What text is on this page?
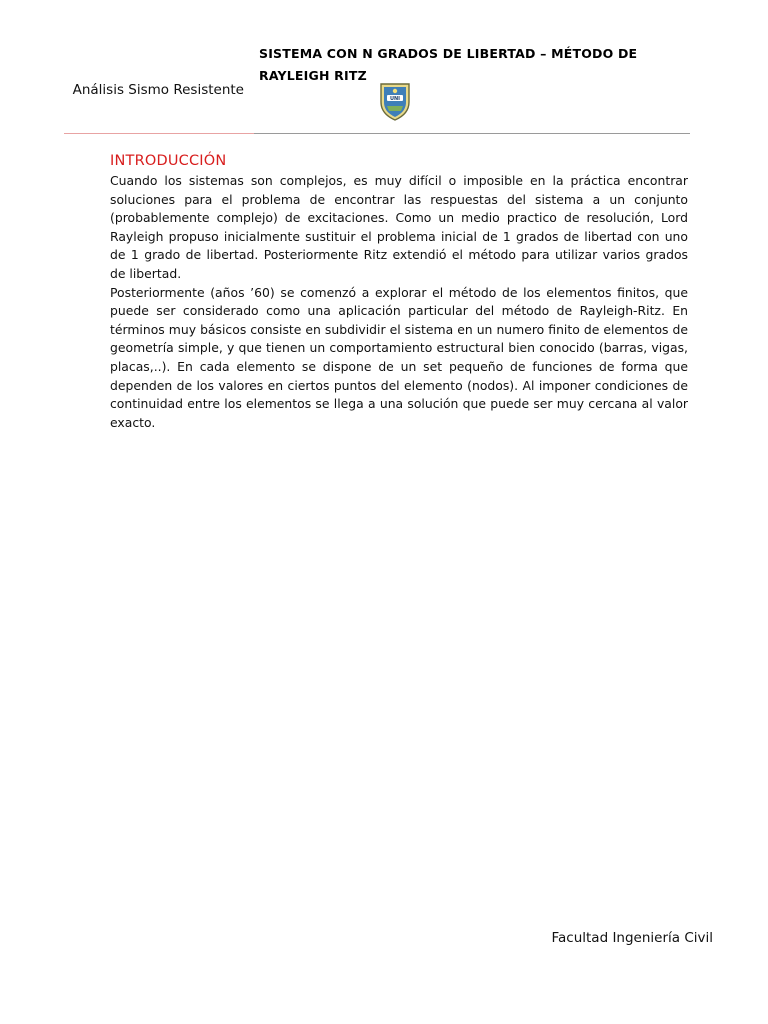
SISTEMA CON N GRADOS DE LIBERTAD – MÉTODO DE RAYLEIGH RITZ
Análisis Sismo Resistente
UNI
INTRODUCCIÓN

Cuando los sistemas son complejos, es muy difícil o imposible en la práctica encontrar soluciones para el problema de encontrar las respuestas del sistema a un conjunto (probablemente complejo) de excitaciones. Como un medio practico de resolución, Lord Rayleigh propuso inicialmente sustituir el problema inicial de 1 grados de libertad con uno de 1 grado de libertad. Posteriormente Ritz extendió el método para utilizar varios grados de libertad.

Posteriormente (años ’60) se comenzó a explorar el método de los elementos finitos, que puede ser considerado como una aplicación particular del método de Rayleigh-Ritz. En términos muy básicos consiste en subdividir el sistema en un numero finito de elementos de geometría simple, y que tienen un comportamiento estructural bien conocido (barras, vigas, placas,..). En cada elemento se dispone de un set pequeño de funciones de forma que dependen de los valores en ciertos puntos del elemento (nodos). Al imponer condiciones de continuidad entre los elementos se llega a una solución que puede ser muy cercana al valor exacto.

Facultad Ingeniería Civil
